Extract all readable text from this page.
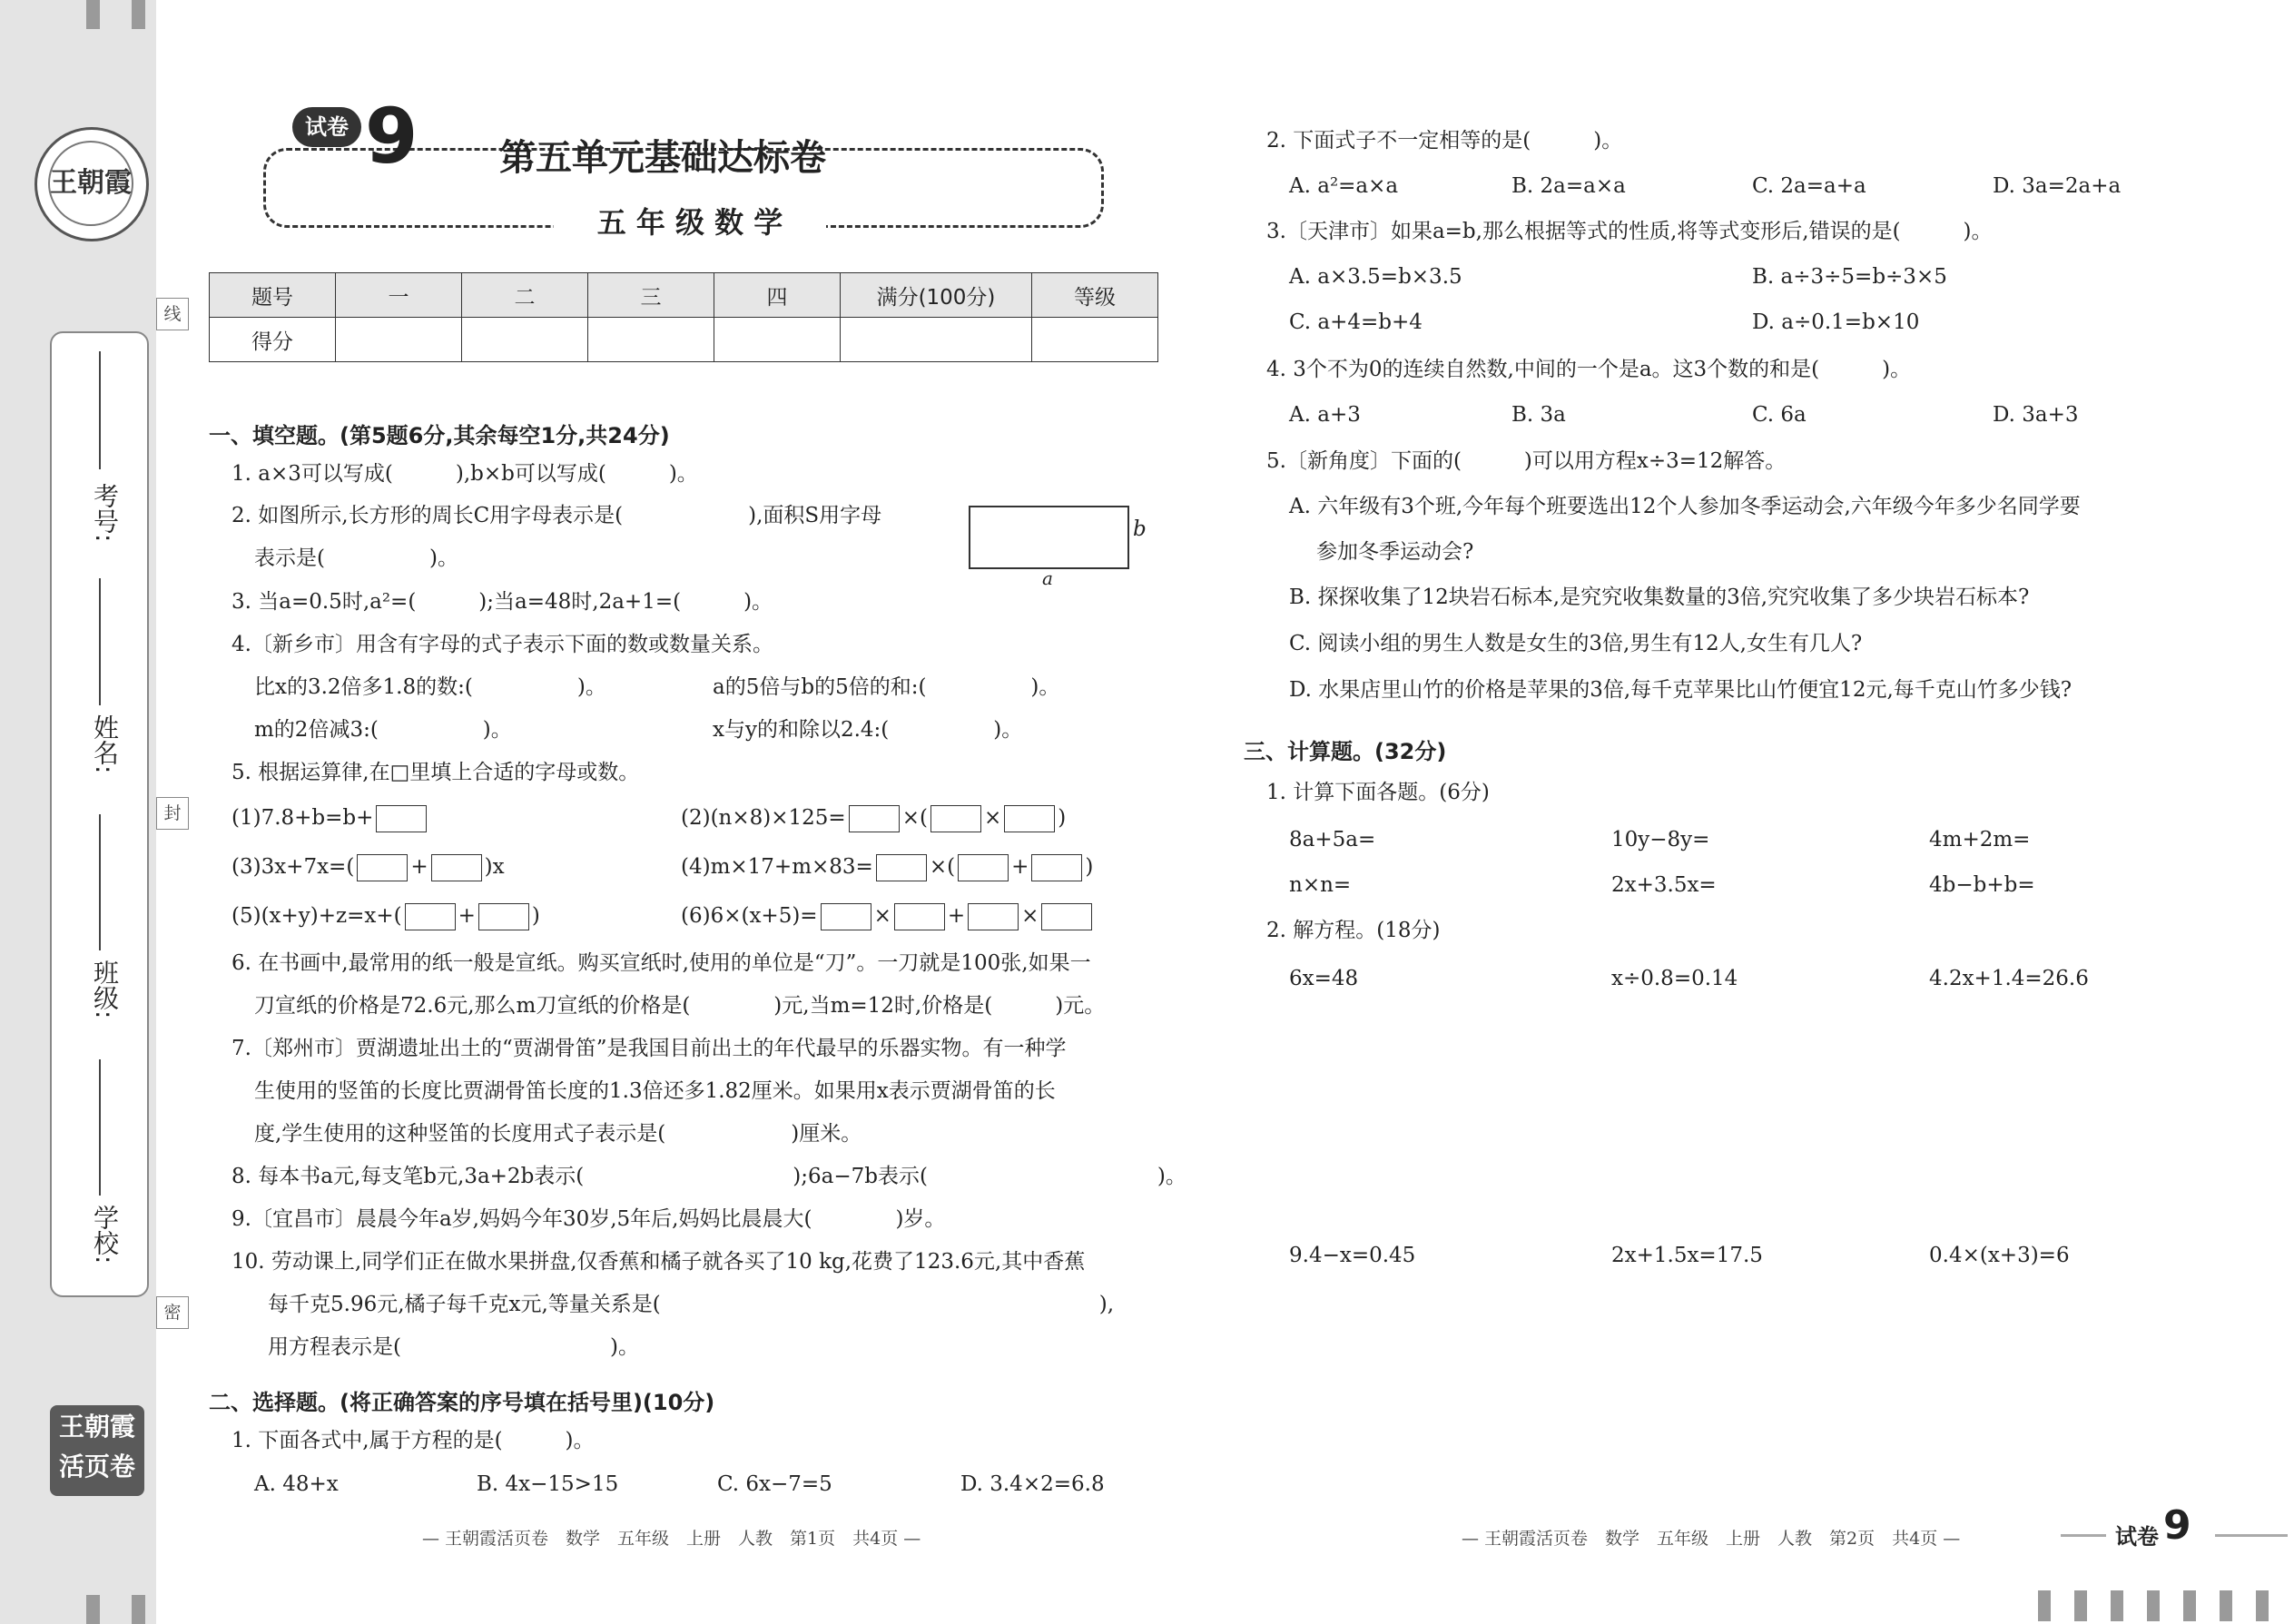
王朝霞
考号:
姓名:
班级:
学校:
线
封
密
王朝霞
活页卷
试卷 9 第五单元基础达标卷
五 年 级 数 学
题号	一	二	三	四	满分(100分)	等级
得分						
一、填空题。(第5题6分,其余每空1分,共24分)
1. a×3可以写成(　　　),b×b可以写成(　　　)。
2. 如图所示,长方形的周长C用字母表示是(　　　　　　),面积S用字母
表示是(　　　　　)。
b
a
3. 当a=0.5时,a²=(　　　);当a=48时,2a+1=(　　　)。
4.〔新乡市〕用含有字母的式子表示下面的数或数量关系。
比x的3.2倍多1.8的数:(　　　　　)。	a的5倍与b的5倍的和:(　　　　　)。
m的2倍减3:(　　　　　)。	x与y的和除以2.4:(　　　　　)。
5. 根据运算律,在□里填上合适的字母或数。
(1)7.8+b=b+	(2)(n×8)×125=	×(	×	)
(3)3x+7x=(	+	)x	(4)m×17+m×83=	×(	+	)
(5)(x+y)+z=x+(	+	)	(6)6×(x+5)=	×	+	×
6. 在书画中,最常用的纸一般是宣纸。购买宣纸时,使用的单位是“刀”。一刀就是100张,如果一
刀宣纸的价格是72.6元,那么m刀宣纸的价格是(　　　　)元,当m=12时,价格是(　　　)元。
7.〔郑州市〕贾湖遗址出土的“贾湖骨笛”是我国目前出土的年代最早的乐器实物。有一种学
生使用的竖笛的长度比贾湖骨笛长度的1.3倍还多1.82厘米。如果用x表示贾湖骨笛的长
度,学生使用的这种竖笛的长度用式子表示是(　　　　　　)厘米。
8. 每本书a元,每支笔b元,3a+2b表示(　　　　　　　　　　);6a−7b表示(　　　　　　　　　　　)。
9.〔宜昌市〕晨晨今年a岁,妈妈今年30岁,5年后,妈妈比晨晨大(　　　　)岁。
10. 劳动课上,同学们正在做水果拼盘,仅香蕉和橘子就各买了10 kg,花费了123.6元,其中香蕉
每千克5.96元,橘子每千克x元,等量关系是(　　　　　　　　　　　　　　　　　　　　　),
用方程表示是(　　　　　　　　　　)。
二、选择题。(将正确答案的序号填在括号里)(10分)
1. 下面各式中,属于方程的是(　　　)。
A. 48+x	B. 4x−15>15	C. 6x−7=5	D. 3.4×2=6.8
— 王朝霞活页卷　数学　五年级　上册　人教　第1页　共4页 —
2. 下面式子不一定相等的是(　　　)。
A. a²=a×a	B. 2a=a×a	C. 2a=a+a	D. 3a=2a+a
3.〔天津市〕如果a=b,那么根据等式的性质,将等式变形后,错误的是(　　　)。
A. a×3.5=b×3.5	B. a÷3÷5=b÷3×5
C. a+4=b+4	D. a÷0.1=b×10
4. 3个不为0的连续自然数,中间的一个是a。这3个数的和是(　　　)。
A. a+3	B. 3a	C. 6a	D. 3a+3
5.〔新角度〕下面的(　　　)可以用方程x÷3=12解答。
A. 六年级有3个班,今年每个班要选出12个人参加冬季运动会,六年级今年多少名同学要
参加冬季运动会?
B. 探探收集了12块岩石标本,是究究收集数量的3倍,究究收集了多少块岩石标本?
C. 阅读小组的男生人数是女生的3倍,男生有12人,女生有几人?
D. 水果店里山竹的价格是苹果的3倍,每千克苹果比山竹便宜12元,每千克山竹多少钱?
三、计算题。(32分)
1. 计算下面各题。(6分)
8a+5a=	10y−8y=	4m+2m=
n×n=	2x+3.5x=	4b−b+b=
2. 解方程。(18分)
6x=48	x÷0.8=0.14	4.2x+1.4=26.6
9.4−x=0.45	2x+1.5x=17.5	0.4×(x+3)=6
— 王朝霞活页卷　数学　五年级　上册　人教　第2页　共4页 —	试卷 9
